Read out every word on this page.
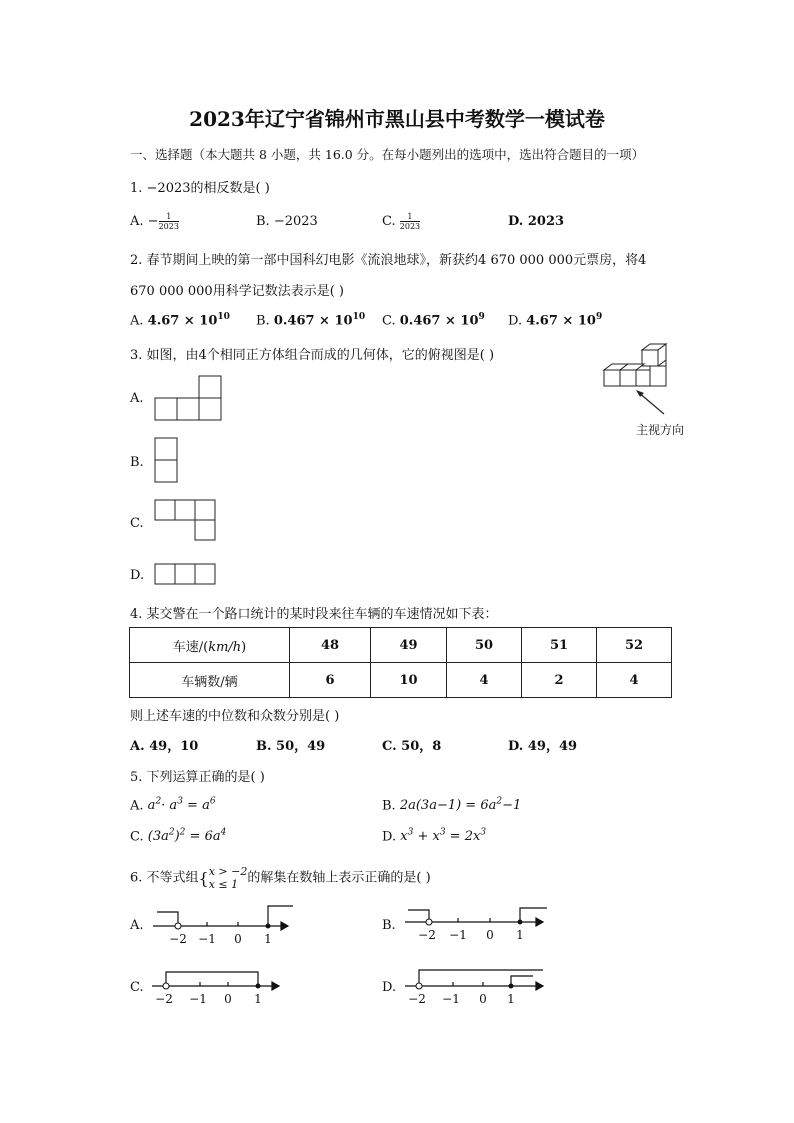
2023年辽宁省锦州市黑山县中考数学一模试卷
一、选择题（本大题共 8 小题，共 16.0 分。在每小题列出的选项中，选出符合题目的一项）
1. −2023的相反数是( )
A. − $\frac{1}{2023}$	B. −2023	C. $\frac{1}{2023}$	D. 2023
2. 春节期间上映的第一部中国科幻电影《流浪地球》，新获约4 670 000 000元票房，将4
670 000 000用科学记数法表示是( )
A. $4.67 \times 10^{10}$ B. $0.467 \times 10^{10}$ C. $0.467 \times 10^9$ D. $4.67 \times 10^9$
3. 如图，由4个相同正方体组合而成的几何体，它的俯视图是( )
主视方向
A.
B.
C.
D.
4. 某交警在一个路口统计的某时段来往车辆的车速情况如下表：
车速/(km/h)	48	49	50	51	52
车辆数/辆	6	10	4	2	4
则上述车速的中位数和众数分别是( )
A. 49，10	B. 50，49	C. 50，8	D. 49，49
5. 下列运算正确的是( )
A. $a^2\cdot a^3 = a^6$	B. $2a(3a-1) = 6a^2-1$
C. $(3a^2)^2 = 6a^4$	D. $x^3 + x^3 = 2x^3$
6. 不等式组{ x > −2
x ≤ 1 的解集在数轴上表示正确的是( )
A.
−2 −1 0 1
B.
−2 −1 0 1
C.
−2 −1 0 1
D.
−2 −1 0 1
